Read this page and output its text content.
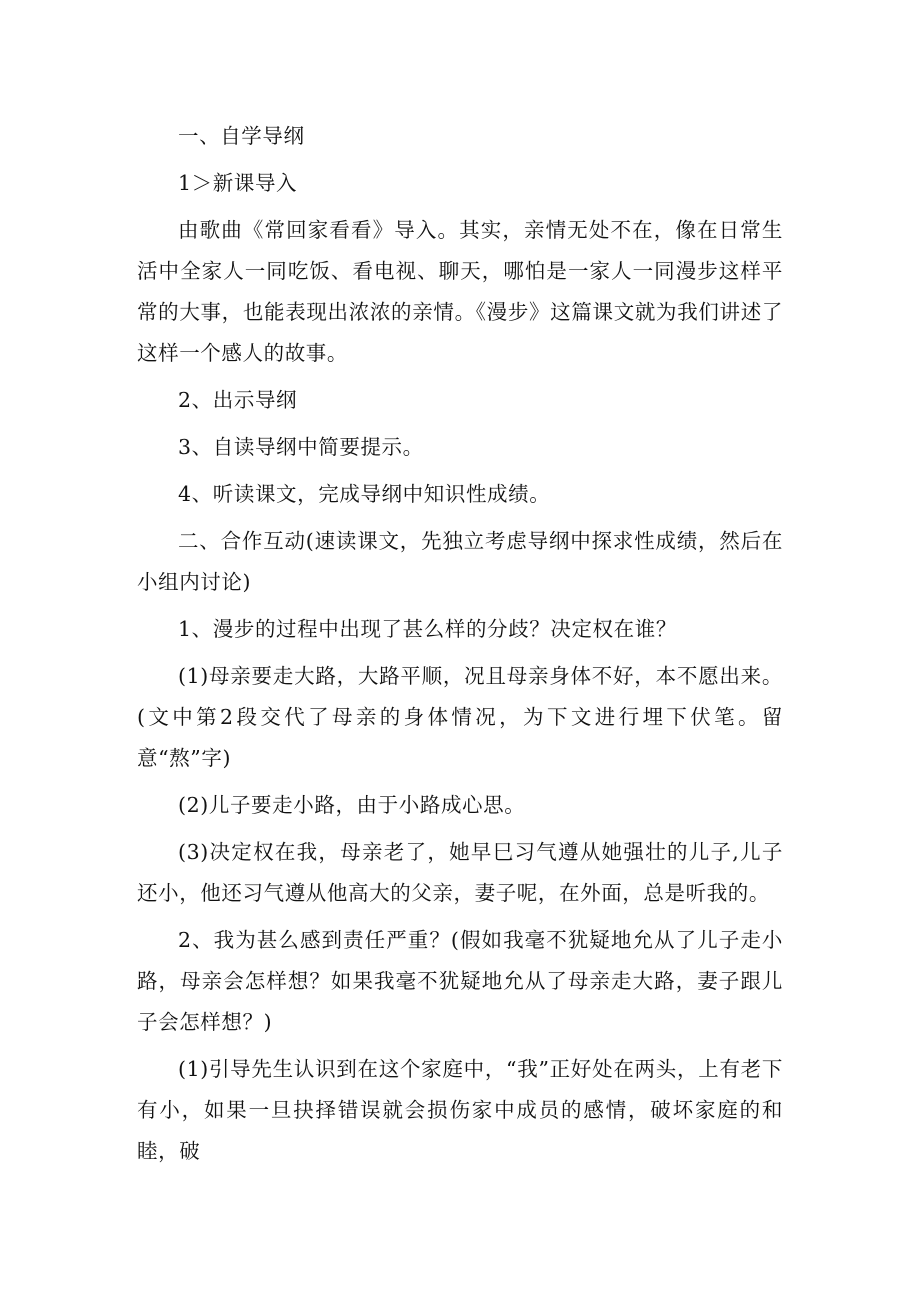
一、自学导纲

1＞新课导入

由歌曲《常回家看看》导入。其实，亲情无处不在，像在日常生活中全家人一同吃饭、看电视、聊天，哪怕是一家人一同漫步这样平常的大事，也能表现出浓浓的亲情。《漫步》这篇课文就为我们讲述了这样一个感人的故事。

2、出示导纲

3、自读导纲中简要提示。

4、听读课文，完成导纲中知识性成绩。

二、合作互动(速读课文，先独立考虑导纲中探求性成绩，然后在小组内讨论)

1、漫步的过程中出现了甚么样的分歧？决定权在谁？

(1)母亲要走大路，大路平顺，况且母亲身体不好，本不愿出来。(文中第2段交代了母亲的身体情况，为下文进行埋下伏笔。留意“熬”字)

(2)儿子要走小路，由于小路成心思。

(3)决定权在我，母亲老了，她早巳习气遵从她强壮的儿子,儿子还小，他还习气遵从他高大的父亲，妻子呢，在外面，总是听我的。

2、我为甚么感到责任严重？(假如我毫不犹疑地允从了儿子走小路，母亲会怎样想？如果我毫不犹疑地允从了母亲走大路，妻子跟儿子会怎样想？)

(1)引导先生认识到在这个家庭中，“我”正好处在两头，上有老下有小，如果一旦抉择错误就会损伤家中成员的感情，破坏家庭的和睦，破
